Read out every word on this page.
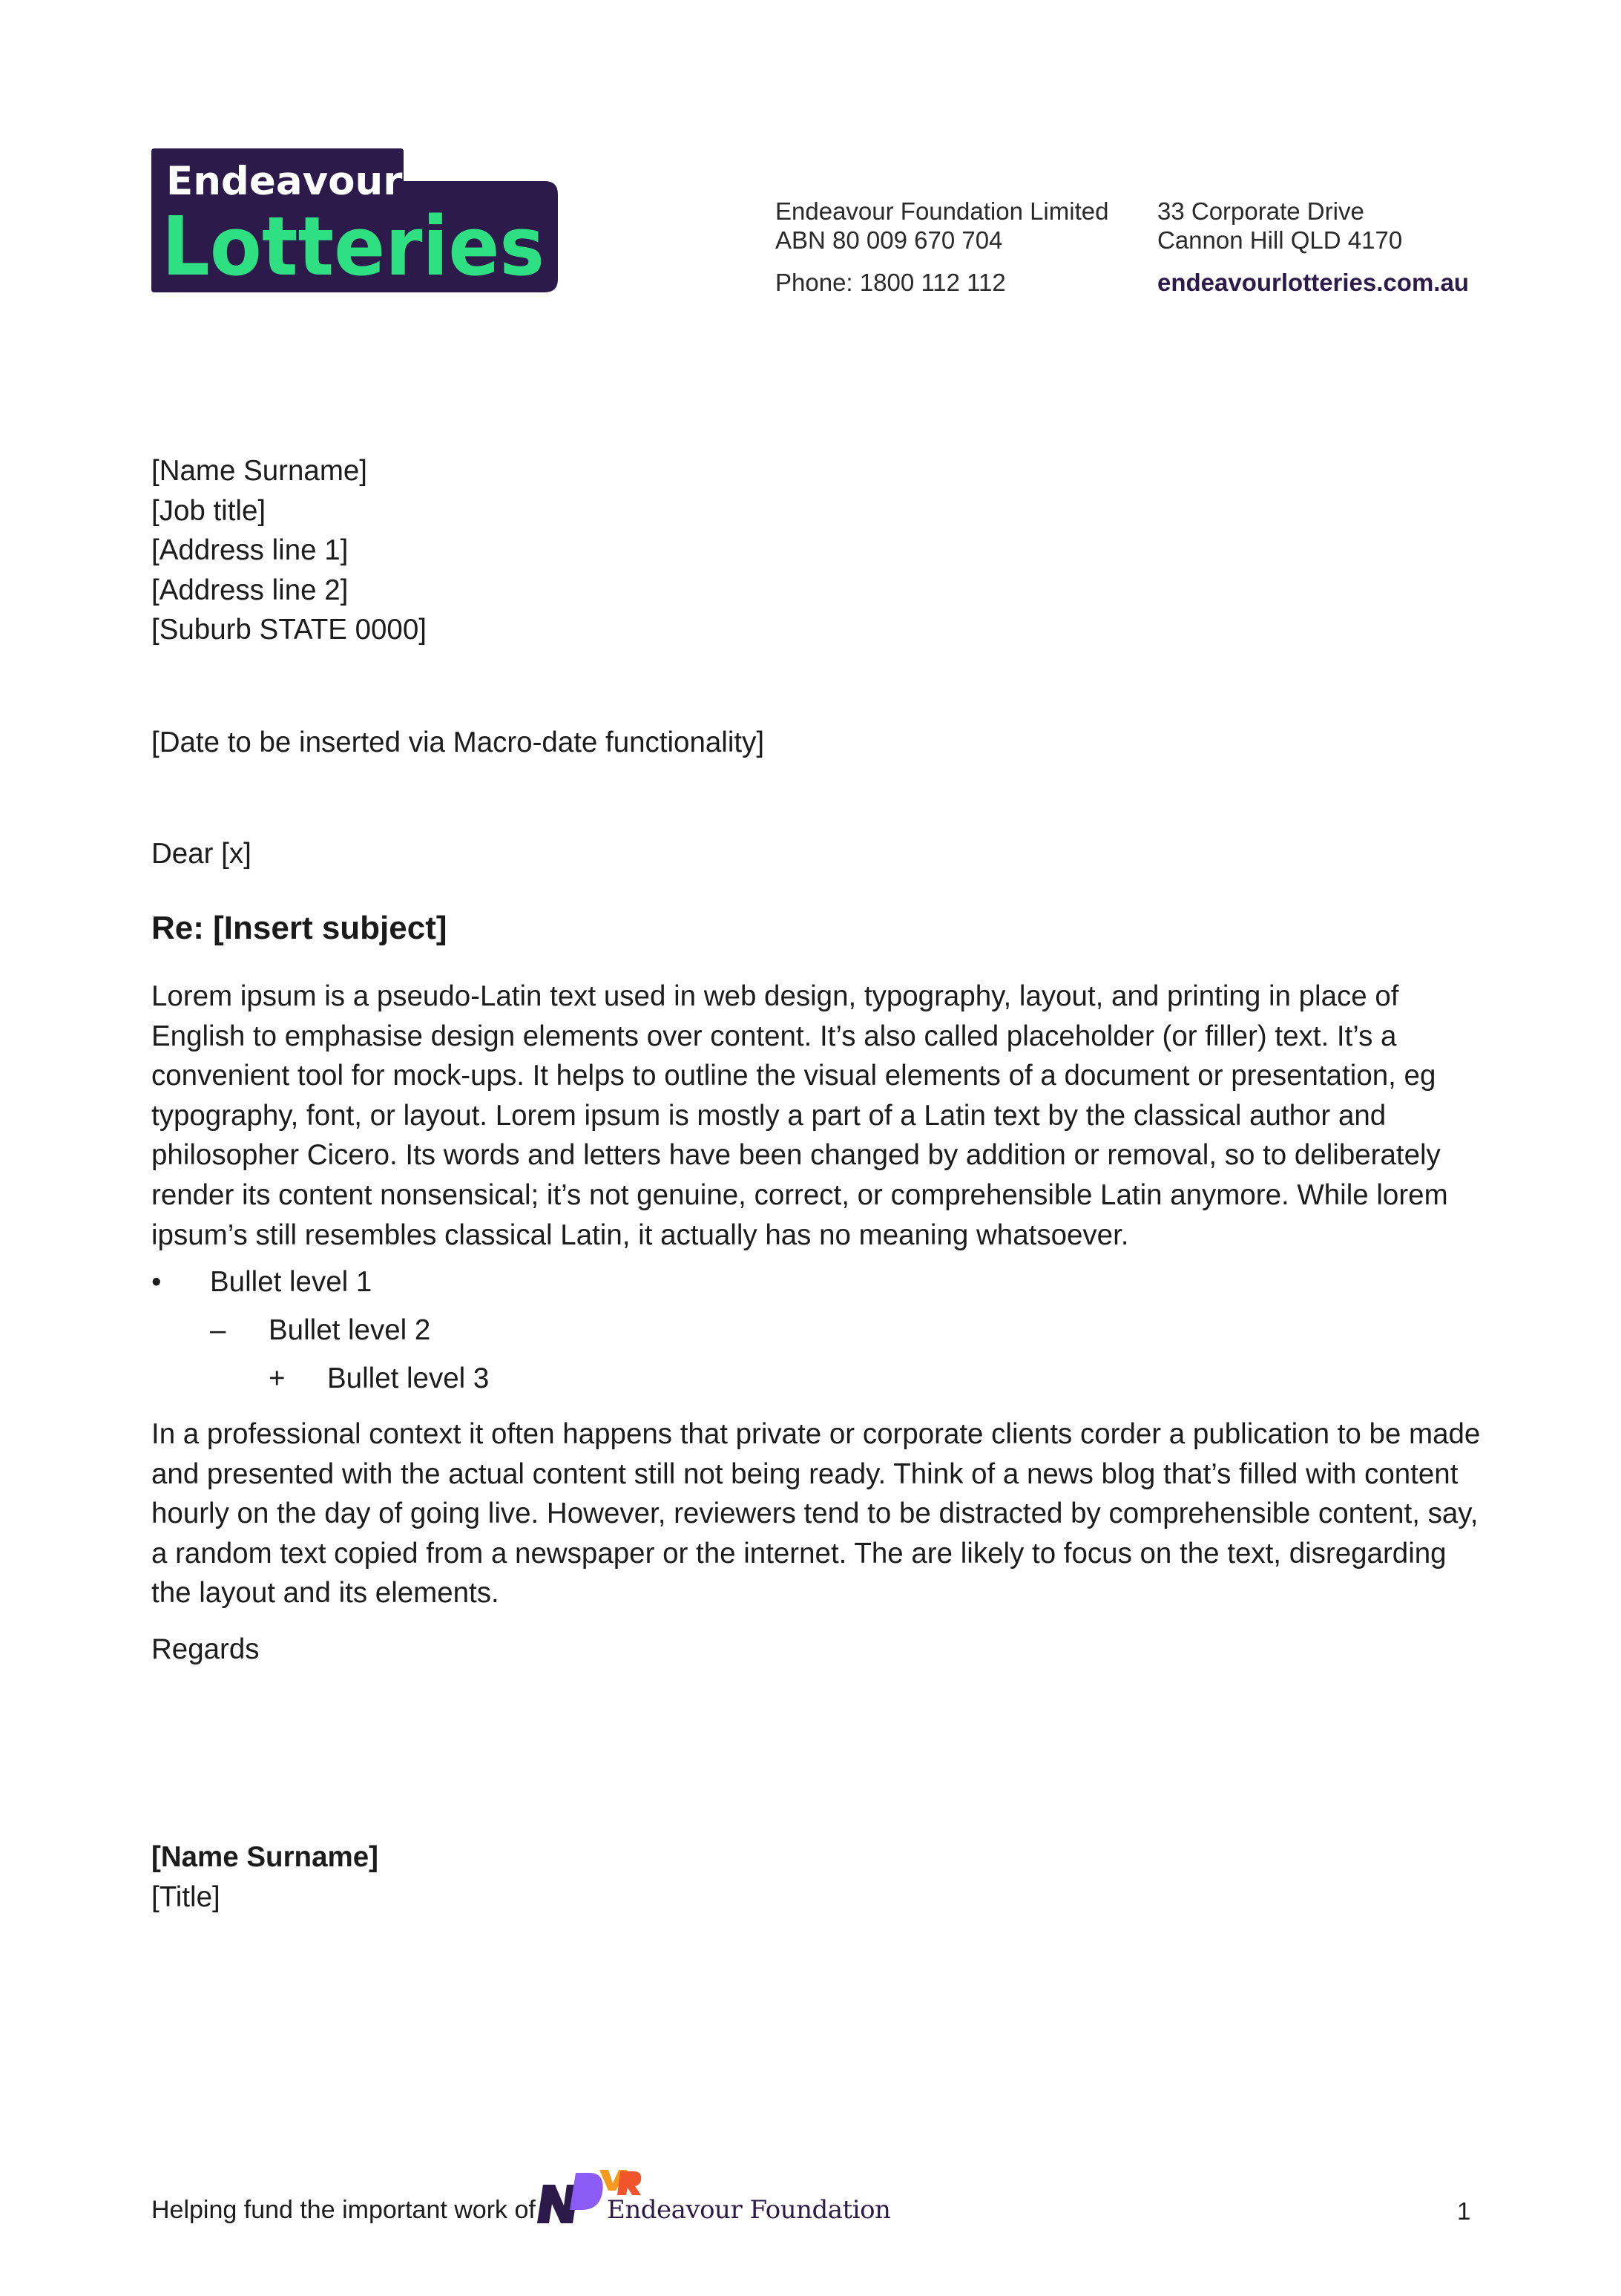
Endeavour
Lotteries	Endeavour Foundation Limited
ABN 80 009 670 704
Phone: 1800 112 112
33 Corporate Drive
Cannon Hill QLD 4170
endeavourlotteries.com.au
[Name Surname]
[Job title]
[Address line 1]
[Address line 2]
[Suburb STATE 0000]
[Date to be inserted via Macro-date functionality]
Dear [x]
Re: [Insert subject]
Lorem ipsum is a pseudo-Latin text used in web design, typography, layout, and printing in place of English to emphasise design elements over content. It’s also called placeholder (or filler) text. It’s a convenient tool for mock-ups. It helps to outline the visual elements of a document or presentation, eg typography, font, or layout. Lorem ipsum is mostly a part of a Latin text by the classical author and philosopher Cicero. Its words and letters have been changed by addition or removal, so to deliberately render its content nonsensical; it’s not genuine, correct, or comprehensible Latin anymore. While lorem ipsum’s still resembles classical Latin, it actually has no meaning whatsoever.
• Bullet level 1
– Bullet level 2
+ Bullet level 3
In a professional context it often happens that private or corporate clients corder a publication to be made and presented with the actual content still not being ready. Think of a news blog that’s filled with content hourly on the day of going live. However, reviewers tend to be distracted by comprehensible content, say, a random text copied from a newspaper or the internet. The are likely to focus on the text, disregarding the layout and its elements.
Regards
[Name Surname]
[Title]
Helping fund the important work of	Endeavour Foundation	1
